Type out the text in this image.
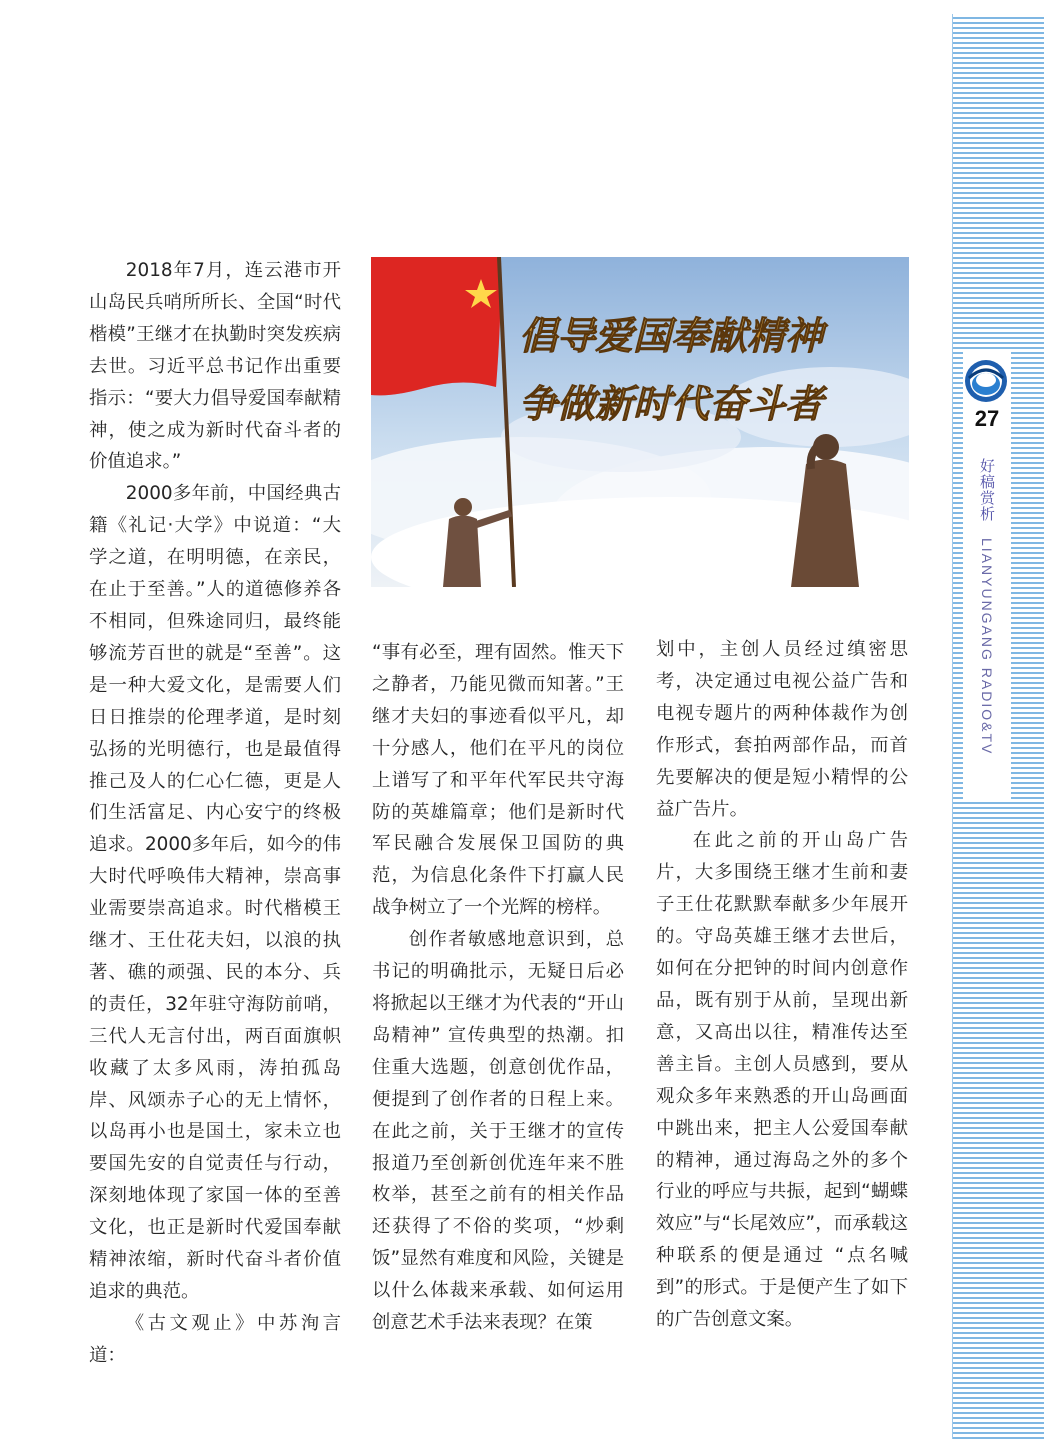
27
好稿赏析
LIANYUNGANG RADIO&TV
倡导爱国奉献精神
争做新时代奋斗者

2018年7月，连云港市开山岛民兵哨所所长、全国“时代楷模”王继才在执勤时突发疾病去世。习近平总书记作出重要指示：“要大力倡导爱国奉献精神，使之成为新时代奋斗者的价值追求。”

2000多年前，中国经典古籍《礼记·大学》中说道：“大学之道，在明明德，在亲民，在止于至善。”人的道德修养各不相同，但殊途同归，最终能够流芳百世的就是“至善”。这是一种大爱文化，是需要人们日日推崇的伦理孝道，是时刻弘扬的光明德行，也是最值得推己及人的仁心仁德，更是人们生活富足、内心安宁的终极追求。2000多年后，如今的伟大时代呼唤伟大精神，崇高事业需要崇高追求。时代楷模王继才、王仕花夫妇，以浪的执著、礁的顽强、民的本分、兵的责任，32年驻守海防前哨，三代人无言付出，两百面旗帜收藏了太多风雨，涛拍孤岛岸、风颂赤子心的无上情怀，以岛再小也是国土，家未立也要国先安的自觉责任与行动，深刻地体现了家国一体的至善文化，也正是新时代爱国奉献精神浓缩，新时代奋斗者价值追求的典范。

《古文观止》中苏洵言道：

“事有必至，理有固然。惟天下之静者，乃能见微而知著。”王继才夫妇的事迹看似平凡，却十分感人，他们在平凡的岗位上谱写了和平年代军民共守海防的英雄篇章；他们是新时代军民融合发展保卫国防的典范，为信息化条件下打赢人民战争树立了一个光辉的榜样。

创作者敏感地意识到，总书记的明确批示，无疑日后必将掀起以王继才为代表的“开山岛精神” 宣传典型的热潮。扣住重大选题，创意创优作品，便提到了创作者的日程上来。在此之前，关于王继才的宣传报道乃至创新创优连年来不胜枚举，甚至之前有的相关作品还获得了不俗的奖项，“炒剩饭”显然有难度和风险，关键是以什么体裁来承载、如何运用创意艺术手法来表现？在策

划中，主创人员经过缜密思考，决定通过电视公益广告和电视专题片的两种体裁作为创作形式，套拍两部作品，而首先要解决的便是短小精悍的公益广告片。

在此之前的开山岛广告片，大多围绕王继才生前和妻子王仕花默默奉献多少年展开的。守岛英雄王继才去世后，如何在分把钟的时间内创意作品，既有别于从前，呈现出新意，又高出以往，精准传达至善主旨。主创人员感到，要从观众多年来熟悉的开山岛画面中跳出来，把主人公爱国奉献的精神，通过海岛之外的多个行业的呼应与共振，起到“蝴蝶效应”与“长尾效应”，而承载这种联系的便是通过 “点名喊到”的形式。于是便产生了如下的广告创意文案。
